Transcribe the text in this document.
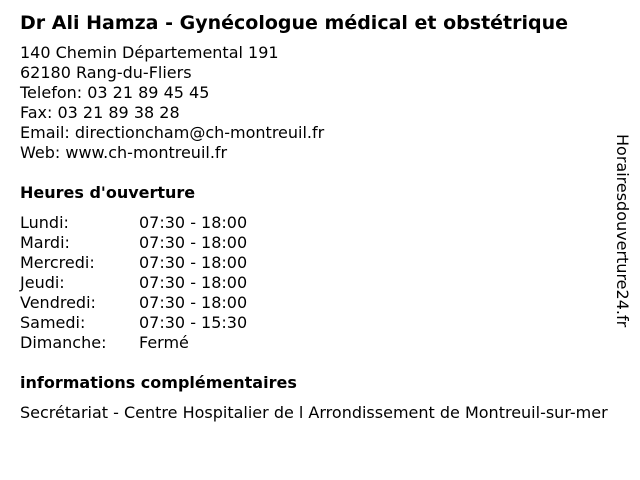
Dr Ali Hamza - Gynécologue médical et obstétrique
140 Chemin Départemental 191
62180 Rang-du-Fliers
Telefon: 03 21 89 45 45
Fax: 03 21 89 38 28
Email: directioncham@ch-montreuil.fr
Web: www.ch-montreuil.fr
Heures d'ouverture
Lundi:	07:30 - 18:00
Mardi:	07:30 - 18:00
Mercredi:	07:30 - 18:00
Jeudi:	07:30 - 18:00
Vendredi:	07:30 - 18:00
Samedi:	07:30 - 15:30
Dimanche: Fermé
informations complémentaires
Secrétariat - Centre Hospitalier de l Arrondissement de Montreuil-sur-mer
Horairesdouverture24.fr
